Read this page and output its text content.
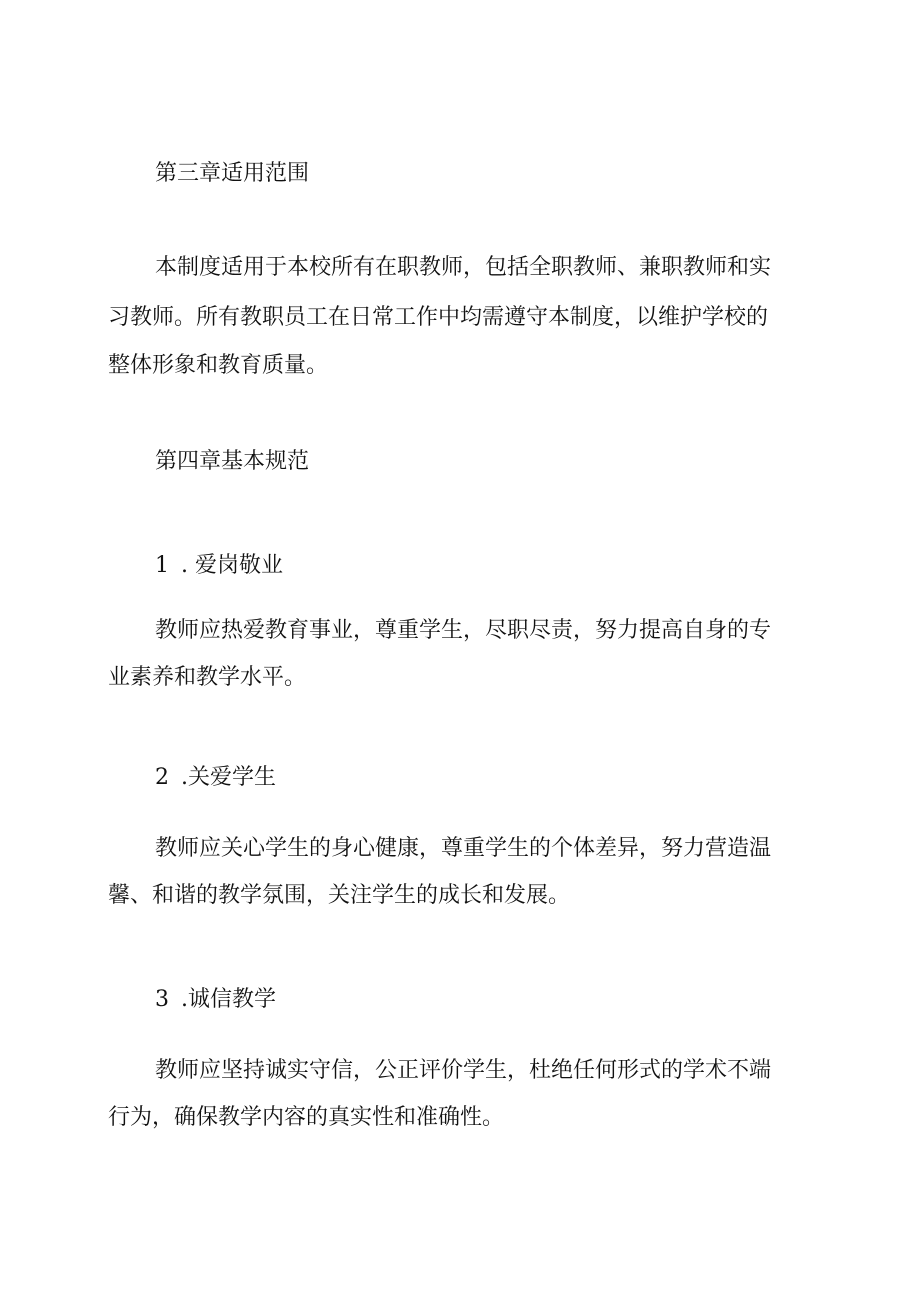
第三章适用范围
本制度适用于本校所有在职教师，包括全职教师、兼职教师和实
习教师。所有教职员工在日常工作中均需遵守本制度，以维护学校的
整体形象和教育质量。
第四章基本规范
1 . 爱岗敬业
教师应热爱教育事业，尊重学生，尽职尽责，努力提高自身的专
业素养和教学水平。
2 .关爱学生
教师应关心学生的身心健康，尊重学生的个体差异，努力营造温
馨、和谐的教学氛围，关注学生的成长和发展。
3 .诚信教学
教师应坚持诚实守信，公正评价学生，杜绝任何形式的学术不端
行为，确保教学内容的真实性和准确性。
